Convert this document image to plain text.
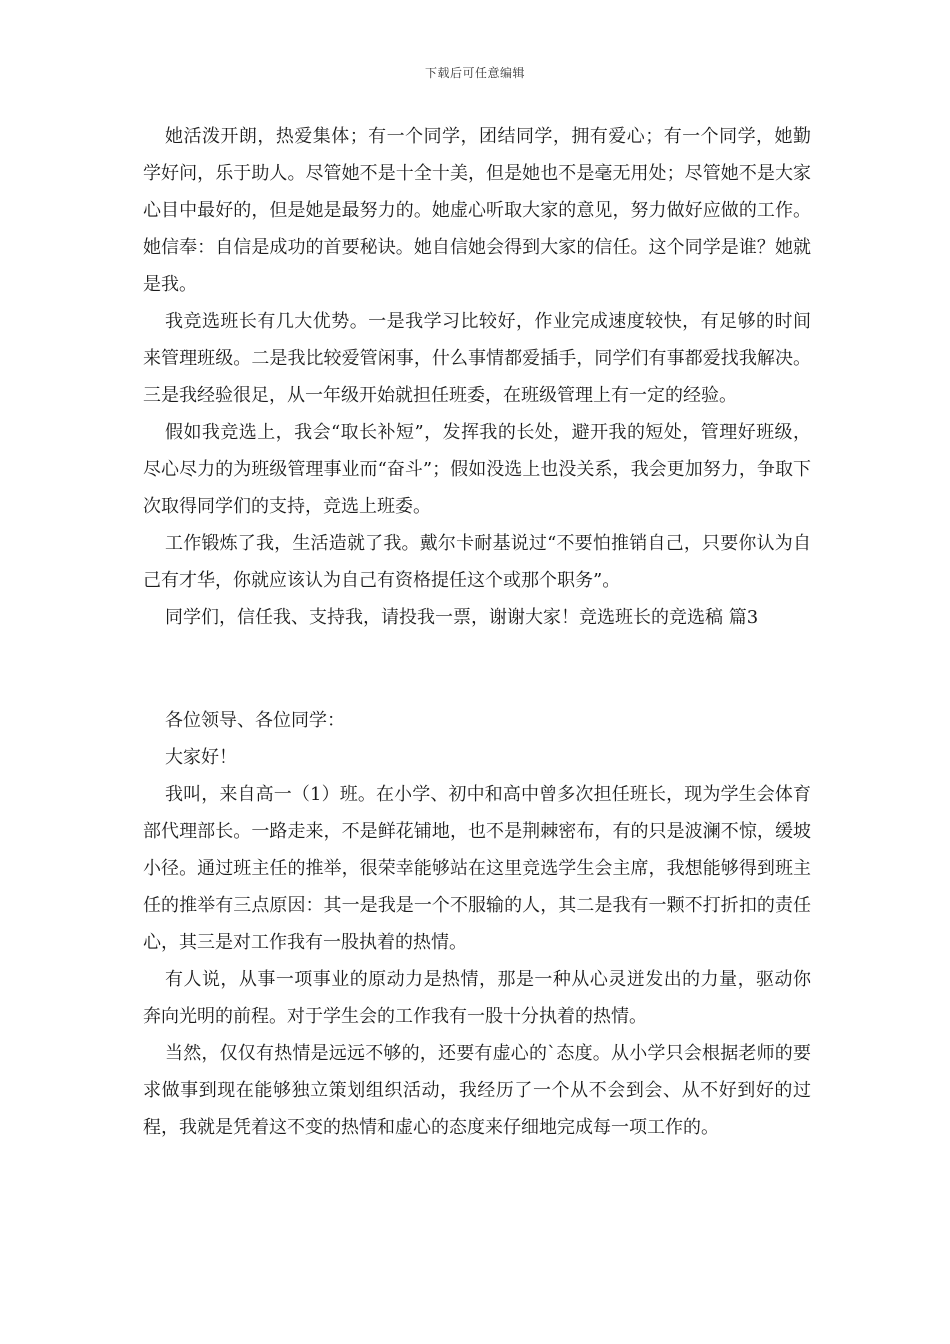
下载后可任意编辑

她活泼开朗，热爱集体；有一个同学，团结同学，拥有爱心；有一个同学，她勤学好问，乐于助人。尽管她不是十全十美，但是她也不是毫无用处；尽管她不是大家心目中最好的，但是她是最努力的。她虚心听取大家的意见，努力做好应做的工作。她信奉：自信是成功的首要秘诀。她自信她会得到大家的信任。这个同学是谁？她就是我。

我竞选班长有几大优势。一是我学习比较好，作业完成速度较快，有足够的时间来管理班级。二是我比较爱管闲事，什么事情都爱插手，同学们有事都爱找我解决。三是我经验很足，从一年级开始就担任班委，在班级管理上有一定的经验。

假如我竞选上，我会“取长补短”，发挥我的长处，避开我的短处，管理好班级，尽心尽力的为班级管理事业而“奋斗”；假如没选上也没关系，我会更加努力，争取下次取得同学们的支持，竞选上班委。

工作锻炼了我，生活造就了我。戴尔卡耐基说过“不要怕推销自己，只要你认为自己有才华，你就应该认为自己有资格提任这个或那个职务”。

同学们，信任我、支持我，请投我一票，谢谢大家！竞选班长的竞选稿 篇3

各位领导、各位同学：

大家好！

我叫，来自高一（1）班。在小学、初中和高中曾多次担任班长，现为学生会体育部代理部长。一路走来，不是鲜花铺地，也不是荆棘密布，有的只是波澜不惊，缓坡小径。通过班主任的推举，很荣幸能够站在这里竞选学生会主席，我想能够得到班主任的推举有三点原因：其一是我是一个不服输的人，其二是我有一颗不打折扣的责任心，其三是对工作我有一股执着的热情。

有人说，从事一项事业的原动力是热情，那是一种从心灵迸发出的力量，驱动你奔向光明的前程。对于学生会的工作我有一股十分执着的热情。

当然，仅仅有热情是远远不够的，还要有虚心的`态度。从小学只会根据老师的要求做事到现在能够独立策划组织活动，我经历了一个从不会到会、从不好到好的过程，我就是凭着这不变的热情和虚心的态度来仔细地完成每一项工作的。
